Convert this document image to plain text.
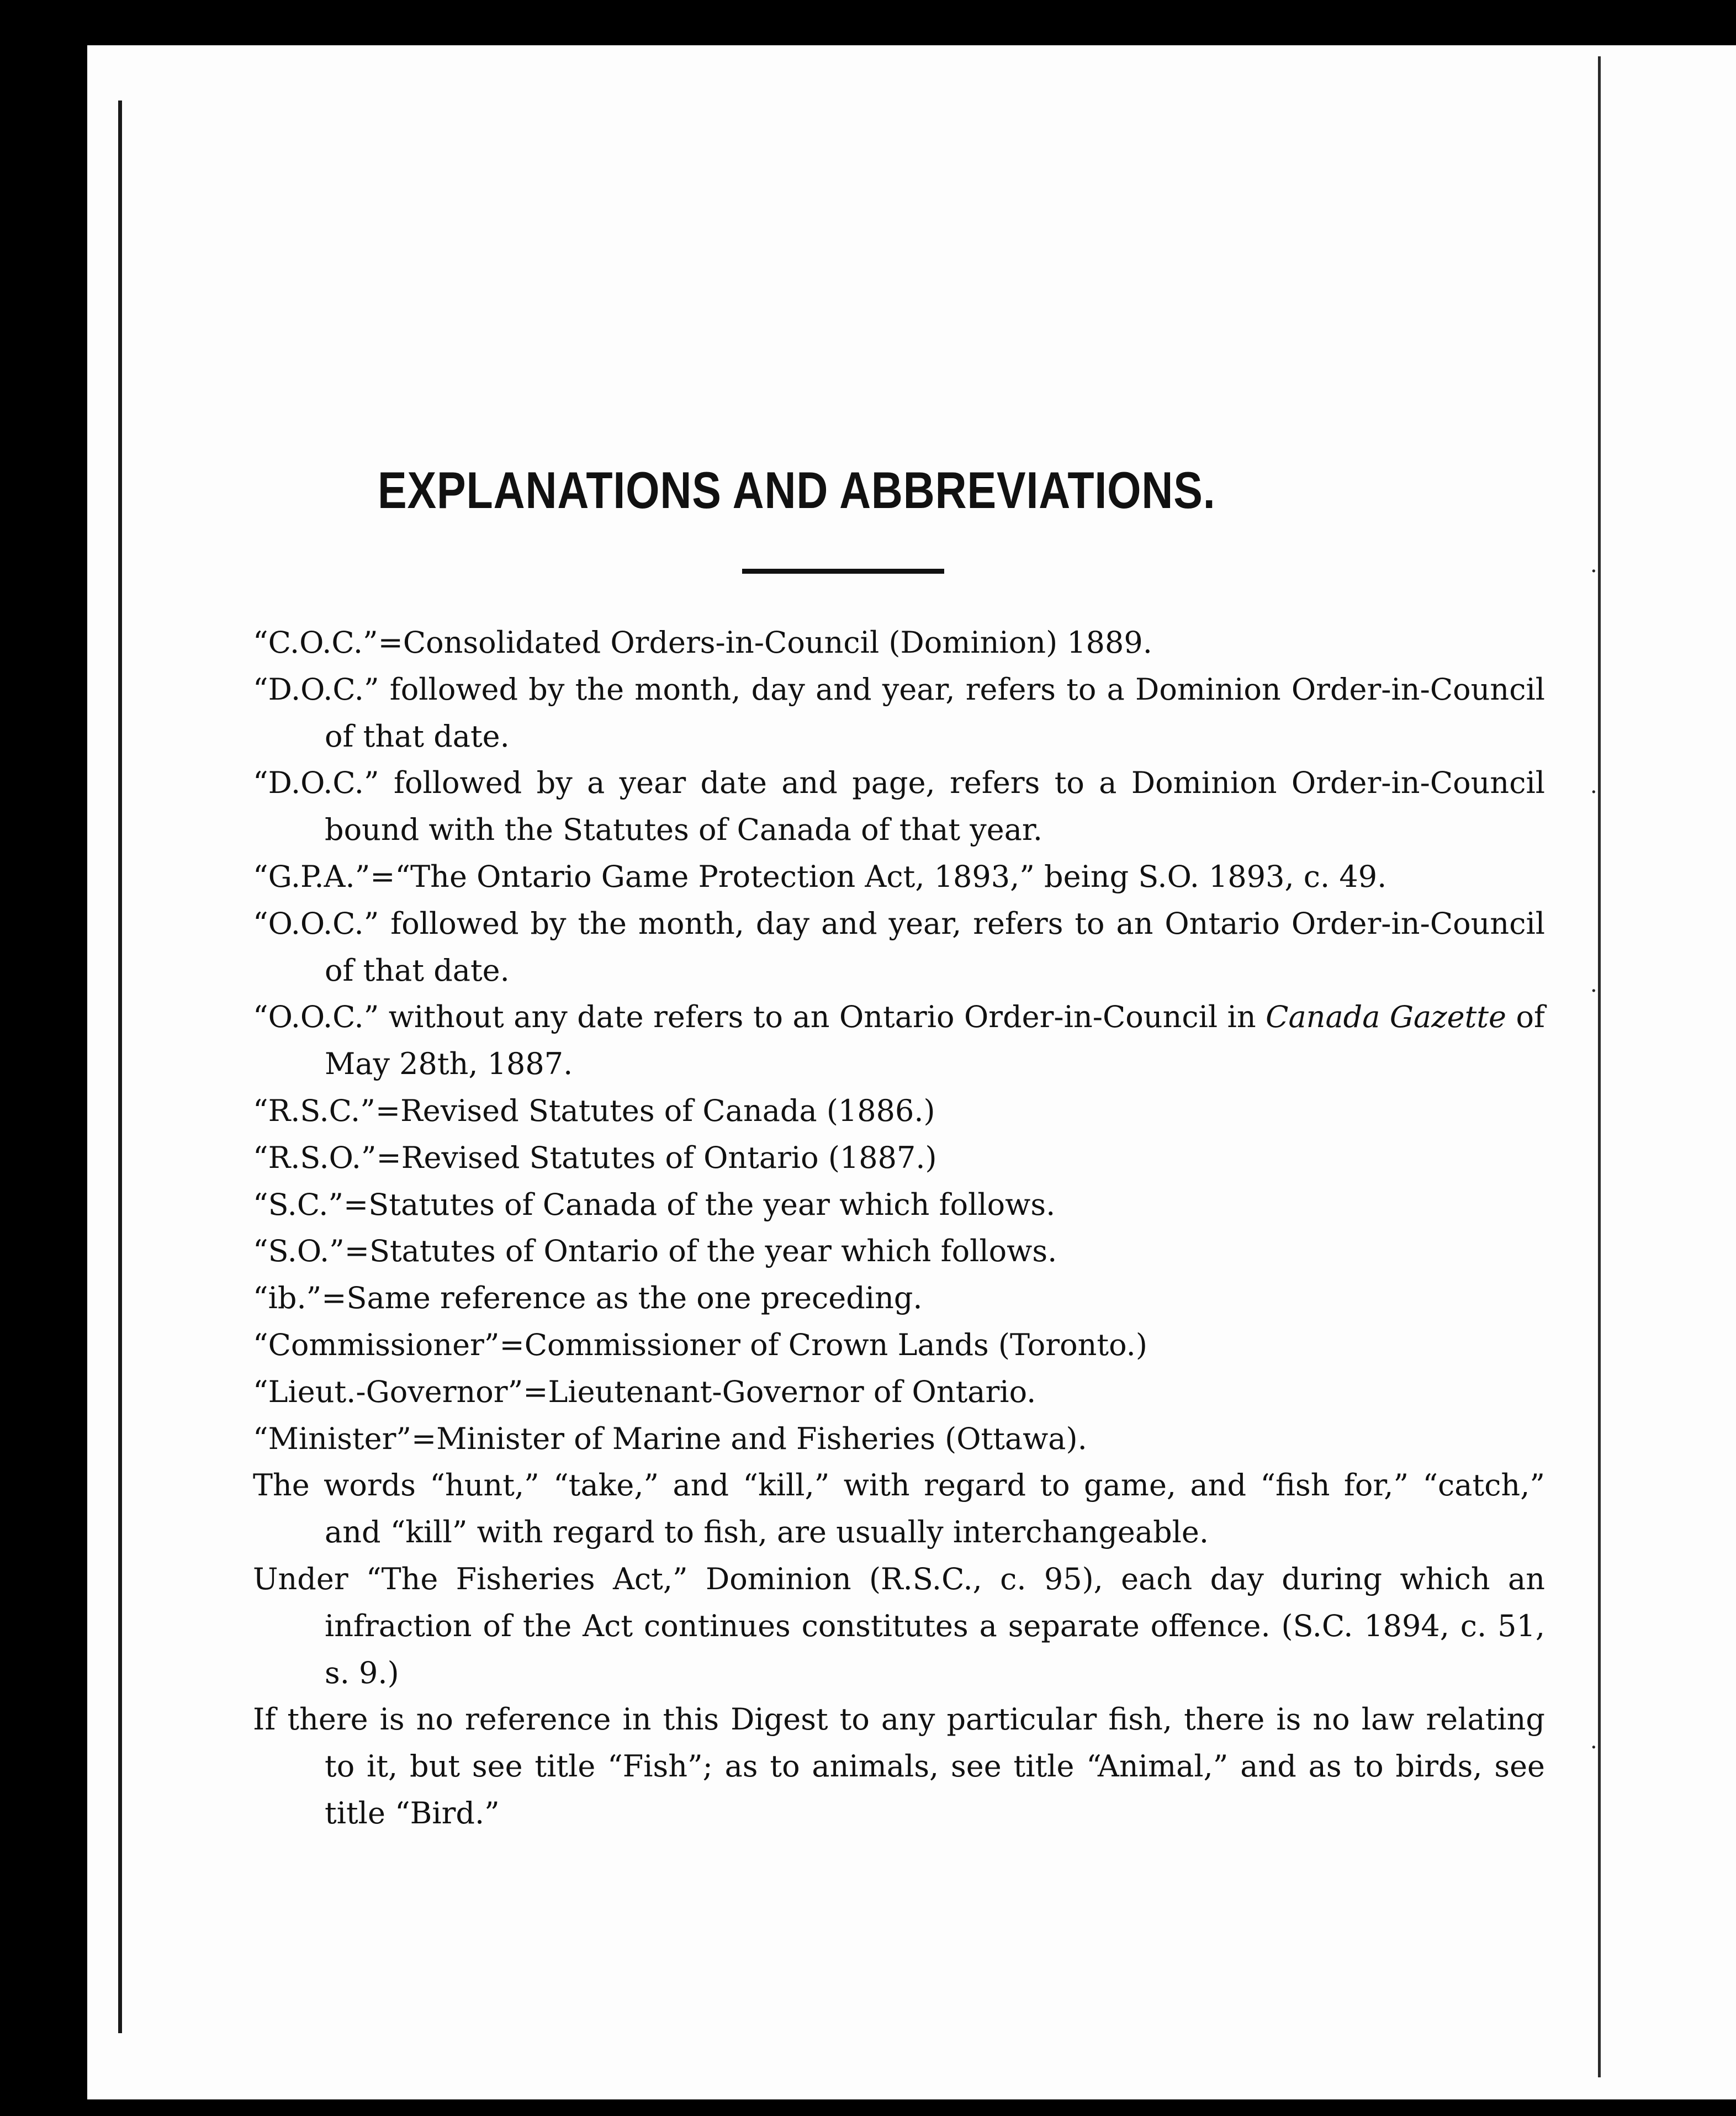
·
·
·
·
EXPLANATIONS AND ABBREVIATIONS.
“C.O.C.”=Consolidated Orders-in-Council (Dominion) 1889.
“D.O.C.” followed by the month, day and year, refers to a Dominion Order-in-Council of that date.
“D.O.C.” followed by a year date and page, refers to a Dominion Order-in-Council bound with the Statutes of Canada of that year.
“G.P.A.”=“The Ontario Game Protection Act, 1893,” being S.O. 1893, c. 49.
“O.O.C.” followed by the month, day and year, refers to an Ontario Order-in-Council of that date.
“O.O.C.” without any date refers to an Ontario Order-in-Council in Canada Gazette of May 28th, 1887.
“R.S.C.”=Revised Statutes of Canada (1886.)
“R.S.O.”=Revised Statutes of Ontario (1887.)
“S.C.”=Statutes of Canada of the year which follows.
“S.O.”=Statutes of Ontario of the year which follows.
“ib.”=Same reference as the one preceding.
“Commissioner”=Commissioner of Crown Lands (Toronto.)
“Lieut.-Governor”=Lieutenant-Governor of Ontario.
“Minister”=Minister of Marine and Fisheries (Ottawa).
The words “hunt,” “take,” and “kill,” with regard to game, and “fish for,” “catch,” and “kill” with regard to fish, are usually interchangeable.
Under “The Fisheries Act,” Dominion (R.S.C., c. 95), each day during which an infraction of the Act continues constitutes a separate offence. (S.C. 1894, c. 51, s. 9.)
If there is no reference in this Digest to any particular fish, there is no law relating to it, but see title “Fish”; as to animals, see title “Animal,” and as to birds, see title “Bird.”
